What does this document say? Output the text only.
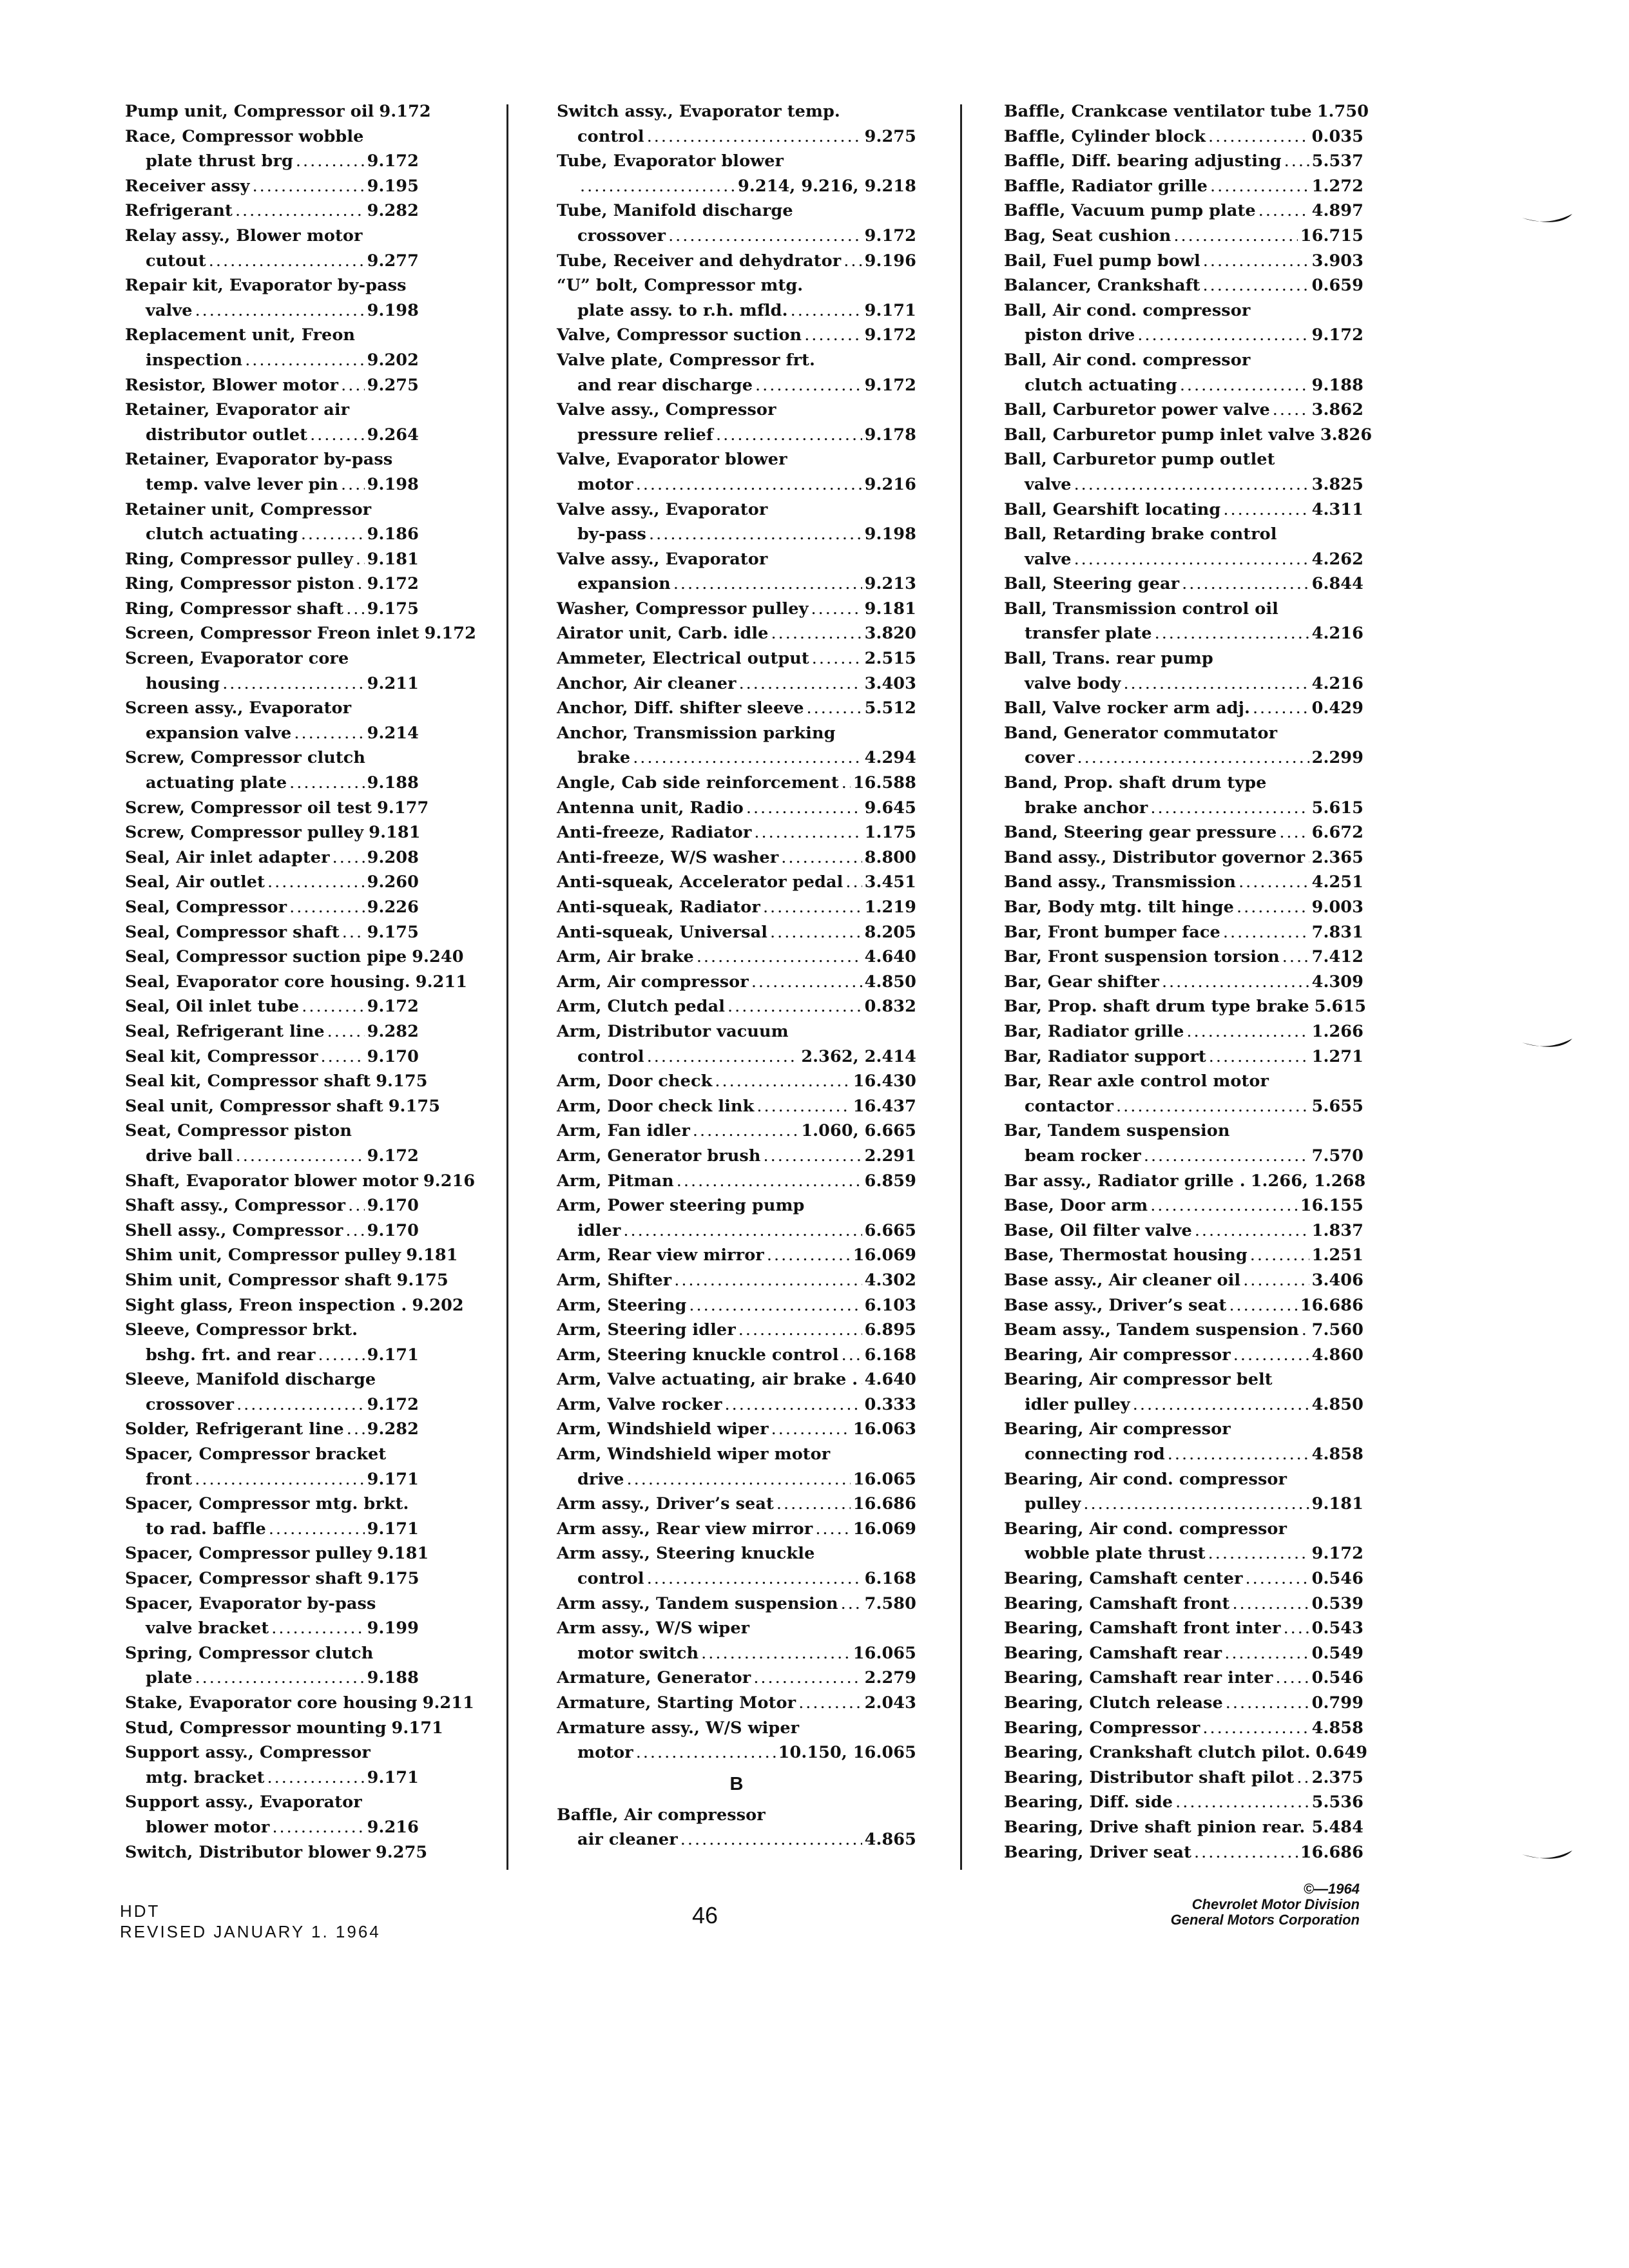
Pump unit, Compressor oil 9.172
Race, Compressor wobble
plate thrust brg .....	9.172
Receiver assy .....	9.195
Refrigerant .....	9.282
Relay assy., Blower motor
cutout .....	9.277
Repair kit, Evaporator by-pass
valve .....	9.198
Replacement unit, Freon
inspection .....	9.202
Resistor, Blower motor ..... 9.275
Retainer, Evaporator air
distributor outlet .....	9.264
Retainer, Evaporator by-pass
temp. valve lever pin ..... 9.198
Retainer unit, Compressor
clutch actuating .....	9.186
Ring, Compressor pulley ..... 9.181
Ring, Compressor piston ..... 9.172
Ring, Compressor shaft ..... 9.175
Screen, Compressor Freon inlet 9.172
Screen, Evaporator core
housing .....	9.211
Screen assy., Evaporator
expansion valve .....	9.214
Screw, Compressor clutch
actuating plate .....	9.188
Screw, Compressor oil test 9.177
Screw, Compressor pulley 9.181
Seal, Air inlet adapter ..... 9.208
Seal, Air outlet .....	9.260
Seal, Compressor .....	9.226
Seal, Compressor shaft ..... 9.175
Seal, Compressor suction pipe 9.240
Seal, Evaporator core housing. 9.211
Seal, Oil inlet tube .....	9.172
Seal, Refrigerant line .....	9.282
Seal kit, Compressor .....	9.170
Seal kit, Compressor shaft 9.175
Seal unit, Compressor shaft 9.175
Seat, Compressor piston
drive ball .....	9.172
Shaft, Evaporator blower motor 9.216
Shaft assy., Compressor ..... 9.170
Shell assy., Compressor ..... 9.170
Shim unit, Compressor pulley 9.181
Shim unit, Compressor shaft 9.175
Sight glass, Freon inspection . 9.202
Sleeve, Compressor brkt.
bshg. frt. and rear .....	9.171
Sleeve, Manifold discharge
crossover .....	9.172
Solder, Refrigerant line ..... 9.282
Spacer, Compressor bracket
front .....	9.171
Spacer, Compressor mtg. brkt.
to rad. baffle .....	9.171
Spacer, Compressor pulley 9.181
Spacer, Compressor shaft 9.175
Spacer, Evaporator by-pass
valve bracket .....	9.199
Spring, Compressor clutch
plate .....	9.188
Stake, Evaporator core housing 9.211
Stud, Compressor mounting 9.171
Support assy., Compressor
mtg. bracket .....	9.171
Support assy., Evaporator
blower motor .....	9.216
Switch, Distributor blower 9.275
Switch assy., Evaporator temp.
control .....	9.275
Tube, Evaporator blower
.....
9.214, 9.216, 9.218
Tube, Manifold discharge
crossover .....	9.172
Tube, Receiver and dehydrator ..... 9.196
“U” bolt, Compressor mtg.
plate assy. to r.h. mfld. .....	9.171
Valve, Compressor suction .....	9.172
Valve plate, Compressor frt.
and rear discharge .....	9.172
Valve assy., Compressor
pressure relief .....	9.178
Valve, Evaporator blower
motor .....	9.216
Valve assy., Evaporator
by-pass .....	9.198
Valve assy., Evaporator
expansion .....	9.213
Washer, Compressor pulley .....	9.181
Airator unit, Carb. idle .....	3.820
Ammeter, Electrical output .....	2.515
Anchor, Air cleaner .....	3.403
Anchor, Diff. shifter sleeve .....	5.512
Anchor, Transmission parking
brake .....	4.294
Angle, Cab side reinforcement ..... 16.588
Antenna unit, Radio .....	9.645
Anti-freeze, Radiator .....	1.175
Anti-freeze, W/S washer .....	8.800
Anti-squeak, Accelerator pedal ..... 3.451
Anti-squeak, Radiator .....	1.219
Anti-squeak, Universal .....	8.205
Arm, Air brake .....	4.640
Arm, Air compressor .....	4.850
Arm, Clutch pedal .....	0.832
Arm, Distributor vacuum
control .....	2.362, 2.414
Arm, Door check .....	16.430
Arm, Door check link .....	16.437
Arm, Fan idler .....	1.060, 6.665
Arm, Generator brush .....	2.291
Arm, Pitman .....	6.859
Arm, Power steering pump
idler .....	6.665
Arm, Rear view mirror .....	16.069
Arm, Shifter .....	4.302
Arm, Steering .....	6.103
Arm, Steering idler .....	6.895
Arm, Steering knuckle control ..... 6.168
Arm, Valve actuating, air brake . ..... 4.640
Arm, Valve rocker .....	0.333
Arm, Windshield wiper .....	16.063
Arm, Windshield wiper motor
drive .....	16.065
Arm assy., Driver’s seat .....	16.686
Arm assy., Rear view mirror ..... 16.069
Arm assy., Steering knuckle
control .....	6.168
Arm assy., Tandem suspension ..... 7.580
Arm assy., W/S wiper
motor switch .....	16.065
Armature, Generator .....	2.279
Armature, Starting Motor .....	2.043
Armature assy., W/S wiper
motor .....	10.150, 16.065
B
Baffle, Air compressor
air cleaner .....	4.865
Baffle, Crankcase ventilator tube 1.750
Baffle, Cylinder block .....	0.035
Baffle, Diff. bearing adjusting ..... 5.537
Baffle, Radiator grille .....	1.272
Baffle, Vacuum pump plate .....	4.897
Bag, Seat cushion .....	16.715
Bail, Fuel pump bowl .....	3.903
Balancer, Crankshaft .....	0.659
Ball, Air cond. compressor
piston drive .....	9.172
Ball, Air cond. compressor
clutch actuating .....	9.188
Ball, Carburetor power valve .....	3.862
Ball, Carburetor pump inlet valve 3.826
Ball, Carburetor pump outlet
valve .....	3.825
Ball, Gearshift locating .....	4.311
Ball, Retarding brake control
valve .....	4.262
Ball, Steering gear .....	6.844
Ball, Transmission control oil
transfer plate .....	4.216
Ball, Trans. rear pump
valve body .....	4.216
Ball, Valve rocker arm adj. .....	0.429
Band, Generator commutator
cover .....	2.299
Band, Prop. shaft drum type
brake anchor .....	5.615
Band, Steering gear pressure ..... 6.672
Band assy., Distributor governor ..... 2.365
Band assy., Transmission .....	4.251
Bar, Body mtg. tilt hinge .....	9.003
Bar, Front bumper face .....	7.831
Bar, Front suspension torsion ..... 7.412
Bar, Gear shifter .....	4.309
Bar, Prop. shaft drum type brake 5.615
Bar, Radiator grille .....	1.266
Bar, Radiator support .....	1.271
Bar, Rear axle control motor
contactor .....	5.655
Bar, Tandem suspension
beam rocker .....	7.570
Bar assy., Radiator grille . 1.266, 1.268
Base, Door arm .....	16.155
Base, Oil filter valve .....	1.837
Base, Thermostat housing .....	1.251
Base assy., Air cleaner oil .....	3.406
Base assy., Driver’s seat .....	16.686
Beam assy., Tandem suspension ..... 7.560
Bearing, Air compressor .....	4.860
Bearing, Air compressor belt
idler pulley .....	4.850
Bearing, Air compressor
connecting rod .....	4.858
Bearing, Air cond. compressor
pulley .....	9.181
Bearing, Air cond. compressor
wobble plate thrust .....	9.172
Bearing, Camshaft center .....	0.546
Bearing, Camshaft front .....	0.539
Bearing, Camshaft front inter ..... 0.543
Bearing, Camshaft rear .....	0.549
Bearing, Camshaft rear inter ..... 0.546
Bearing, Clutch release .....	0.799
Bearing, Compressor .....	4.858
Bearing, Crankshaft clutch pilot. 0.649
Bearing, Distributor shaft pilot ..... 2.375
Bearing, Diff. side .....	5.536
Bearing, Drive shaft pinion rear. ..... 5.484
Bearing, Driver seat .....	16.686
HDT
REVISED JANUARY 1. 1964
46
©—1964
Chevrolet Motor Division
General Motors Corporation
